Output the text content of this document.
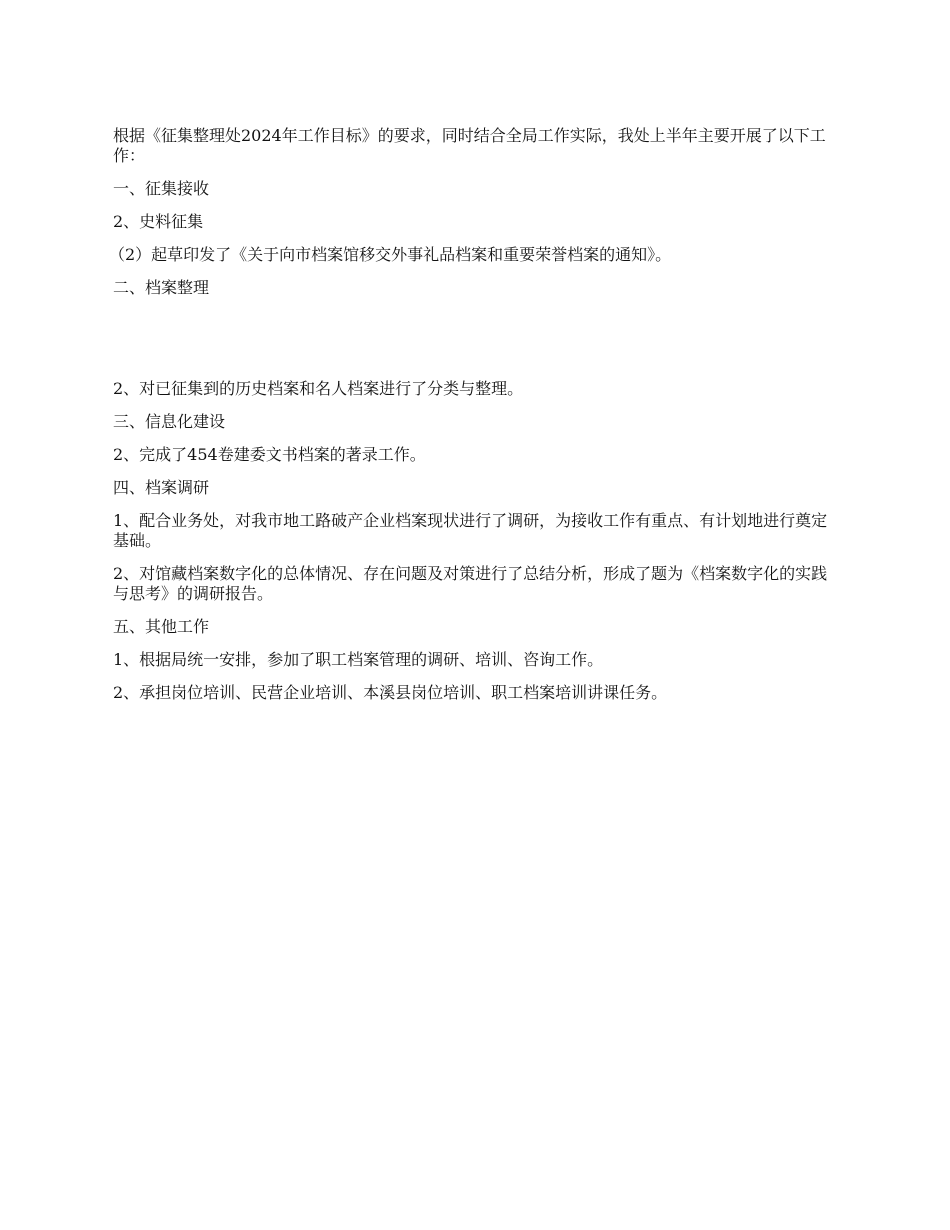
根据《征集整理处2024年工作目标》的要求，同时结合全局工作实际，我处上半年主要开展了以下工作：

一、征集接收

2、史料征集

（2）起草印发了《关于向市档案馆移交外事礼品档案和重要荣誉档案的通知》。

二、档案整理

2、对已征集到的历史档案和名人档案进行了分类与整理。

三、信息化建设

2、完成了454卷建委文书档案的著录工作。

四、档案调研

1、配合业务处，对我市地工路破产企业档案现状进行了调研，为接收工作有重点、有计划地进行奠定基础。

2、对馆藏档案数字化的总体情况、存在问题及对策进行了总结分析，形成了题为《档案数字化的实践与思考》的调研报告。

五、其他工作

1、根据局统一安排，参加了职工档案管理的调研、培训、咨询工作。

2、承担岗位培训、民营企业培训、本溪县岗位培训、职工档案培训讲课任务。
